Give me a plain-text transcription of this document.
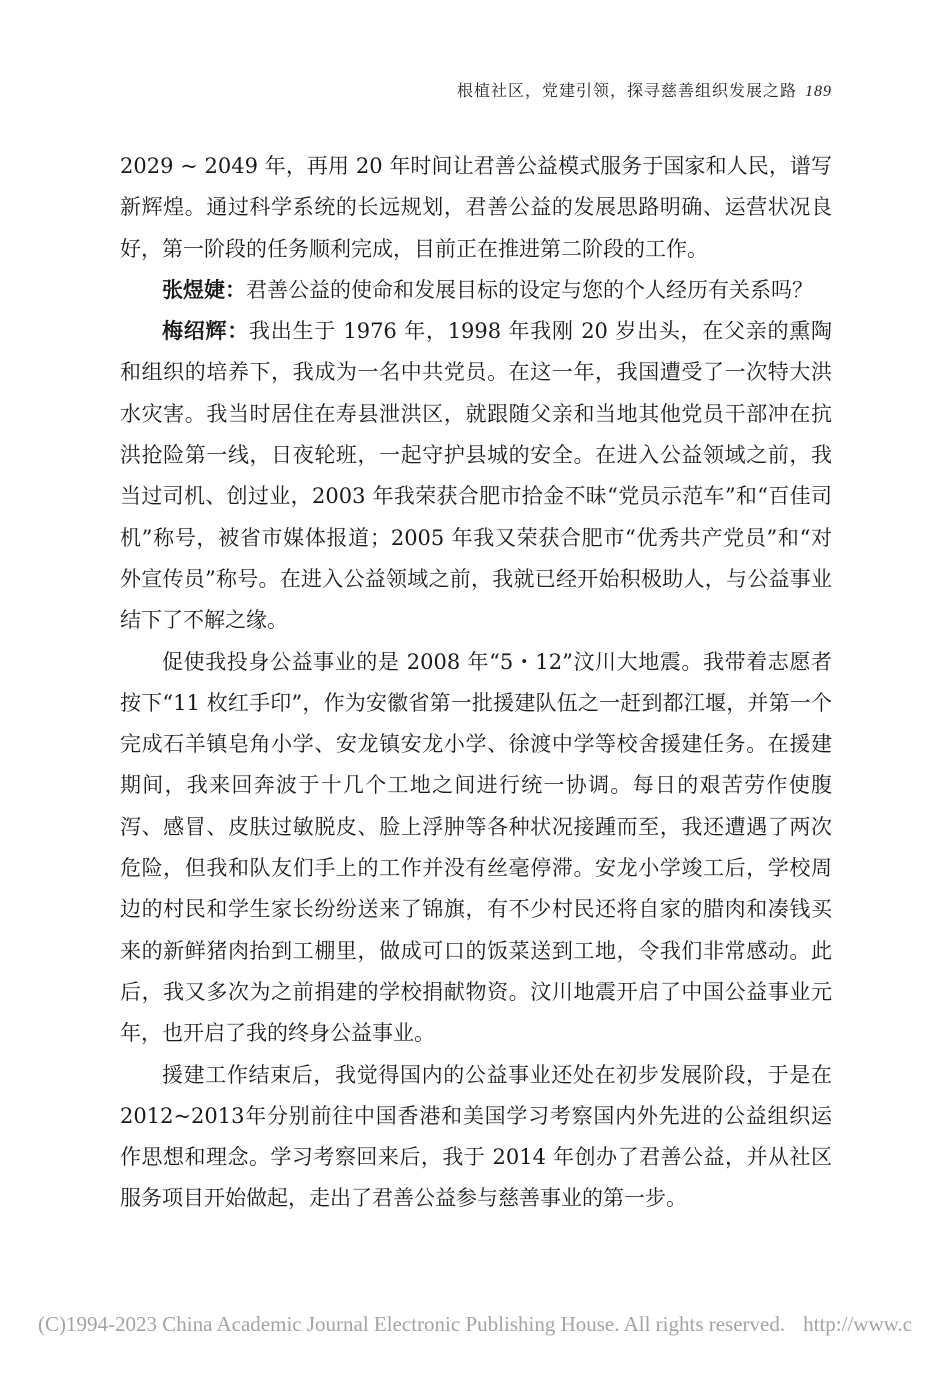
根植社区，党建引领，探寻慈善组织发展之路 189

2029 ~ 2049 年，再用 20 年时间让君善公益模式服务于国家和人民，谱写新辉煌。通过科学系统的长远规划，君善公益的发展思路明确、运营状况良好，第一阶段的任务顺利完成，目前正在推进第二阶段的工作。

张煜婕：君善公益的使命和发展目标的设定与您的个人经历有关系吗？

梅绍辉：我出生于 1976 年，1998 年我刚 20 岁出头，在父亲的熏陶和组织的培养下，我成为一名中共党员。在这一年，我国遭受了一次特大洪水灾害。我当时居住在寿县泄洪区，就跟随父亲和当地其他党员干部冲在抗洪抢险第一线，日夜轮班，一起守护县城的安全。在进入公益领域之前，我当过司机、创过业，2003 年我荣获合肥市拾金不昧“党员示范车”和“百佳司机”称号，被省市媒体报道；2005 年我又荣获合肥市“优秀共产党员”和“对外宣传员”称号。在进入公益领域之前，我就已经开始积极助人，与公益事业结下了不解之缘。

促使我投身公益事业的是 2008 年“5・12”汶川大地震。我带着志愿者按下“11 枚红手印”，作为安徽省第一批援建队伍之一赶到都江堰，并第一个完成石羊镇皂角小学、安龙镇安龙小学、徐渡中学等校舍援建任务。在援建期间，我来回奔波于十几个工地之间进行统一协调。每日的艰苦劳作使腹泻、感冒、皮肤过敏脱皮、脸上浮肿等各种状况接踵而至，我还遭遇了两次危险，但我和队友们手上的工作并没有丝毫停滞。安龙小学竣工后，学校周边的村民和学生家长纷纷送来了锦旗，有不少村民还将自家的腊肉和凑钱买来的新鲜猪肉抬到工棚里，做成可口的饭菜送到工地，令我们非常感动。此后，我又多次为之前捐建的学校捐献物资。汶川地震开启了中国公益事业元年，也开启了我的终身公益事业。

援建工作结束后，我觉得国内的公益事业还处在初步发展阶段，于是在2012~2013年分别前往中国香港和美国学习考察国内外先进的公益组织运作思想和理念。学习考察回来后，我于 2014 年创办了君善公益，并从社区服务项目开始做起，走出了君善公益参与慈善事业的第一步。

(C)1994-2023 China Academic Journal Electronic Publishing House. All rights reserved. http://www.c
